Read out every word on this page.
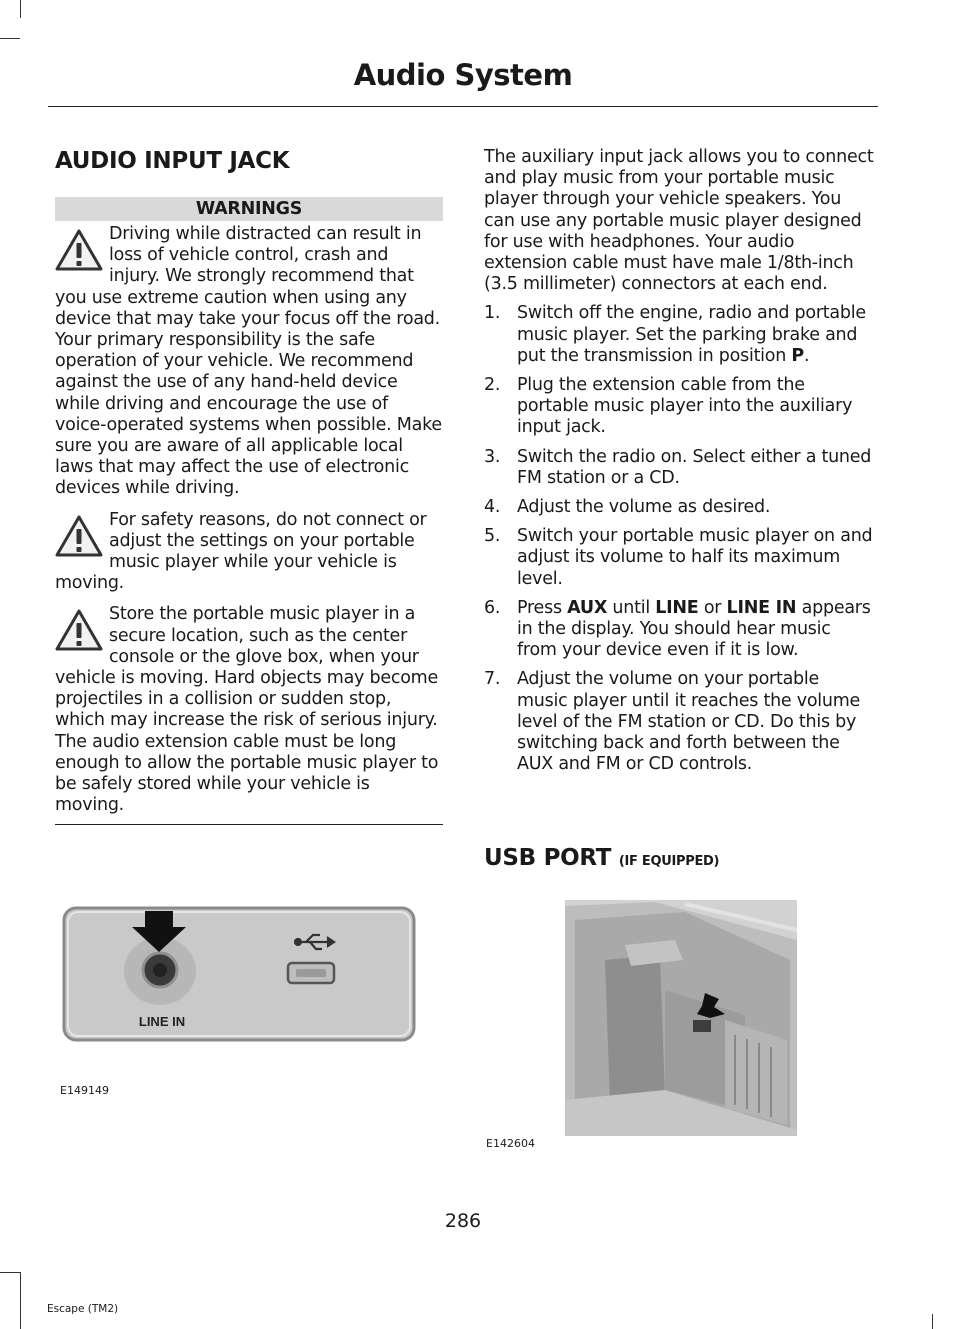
Audio System
AUDIO INPUT JACK
WARNINGS

Driving while distracted can result in loss of vehicle control, crash and injury. We strongly recommend that you use extreme caution when using any device that may take your focus off the road. Your primary responsibility is the safe operation of your vehicle. We recommend against the use of any hand-held device while driving and encourage the use of voice-operated systems when possible. Make sure you are aware of all applicable local laws that may affect the use of electronic devices while driving.

For safety reasons, do not connect or adjust the settings on your portable music player while your vehicle is moving.

Store the portable music player in a secure location, such as the center console or the glove box, when your vehicle is moving. Hard objects may become projectiles in a collision or sudden stop, which may increase the risk of serious injury. The audio extension cable must be long enough to allow the portable music player to be safely stored while your vehicle is moving.

The auxiliary input jack allows you to connect and play music from your portable music player through your vehicle speakers. You can use any portable music player designed for use with headphones. Your audio extension cable must have male 1/8th-inch (3.5 millimeter) connectors at each end.

1. Switch off the engine, radio and portable music player. Set the parking brake and put the transmission in position P.
2. Plug the extension cable from the portable music player into the auxiliary input jack.
3. Switch the radio on. Select either a tuned FM station or a CD.
4. Adjust the volume as desired.
5. Switch your portable music player on and adjust its volume to half its maximum level.
6. Press AUX until LINE or LINE IN appears in the display. You should hear music from your device even if it is low.
7. Adjust the volume on your portable music player until it reaches the volume level of the FM station or CD. Do this by switching back and forth between the AUX and FM or CD controls.
USB PORT (IF EQUIPPED)
LINE IN
E149149
E142604
286
Escape (TM2)
